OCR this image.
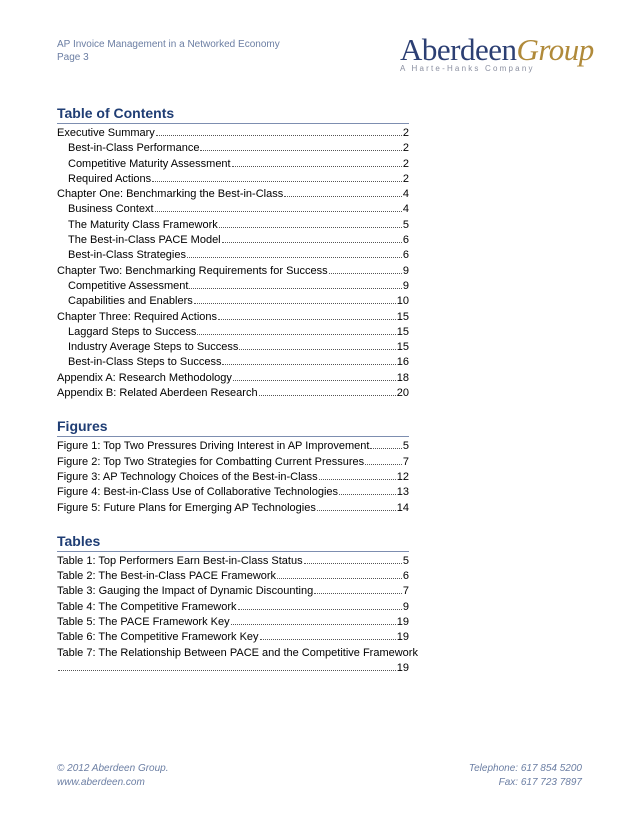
AP Invoice Management in a Networked Economy
Page 3	AberdeenGroup
A Harte-Hanks Company
Table of Contents
Executive Summary	2
Best-in-Class Performance	2
Competitive Maturity Assessment	2
Required Actions	2
Chapter One: Benchmarking the Best-in-Class	4
Business Context	4
The Maturity Class Framework	5
The Best-in-Class PACE Model	6
Best-in-Class Strategies	6
Chapter Two: Benchmarking Requirements for Success	9
Competitive Assessment	9
Capabilities and Enablers	10
Chapter Three: Required Actions	15
Laggard Steps to Success	15
Industry Average Steps to Success	15
Best-in-Class Steps to Success	16
Appendix A: Research Methodology	18
Appendix B: Related Aberdeen Research	20
Figures
Figure 1: Top Two Pressures Driving Interest in AP Improvement	5
Figure 2: Top Two Strategies for Combatting Current Pressures	7
Figure 3: AP Technology Choices of the Best-in-Class	12
Figure 4: Best-in-Class Use of Collaborative Technologies	13
Figure 5: Future Plans for Emerging AP Technologies	14
Tables
Table 1: Top Performers Earn Best-in-Class Status	5
Table 2: The Best-in-Class PACE Framework	6
Table 3: Gauging the Impact of Dynamic Discounting	7
Table 4: The Competitive Framework	9
Table 5: The PACE Framework Key	19
Table 6: The Competitive Framework Key	19
Table 7: The Relationship Between PACE and the Competitive Framework
19
© 2012 Aberdeen Group.
www.aberdeen.com
Telephone: 617 854 5200
Fax: 617 723 7897
